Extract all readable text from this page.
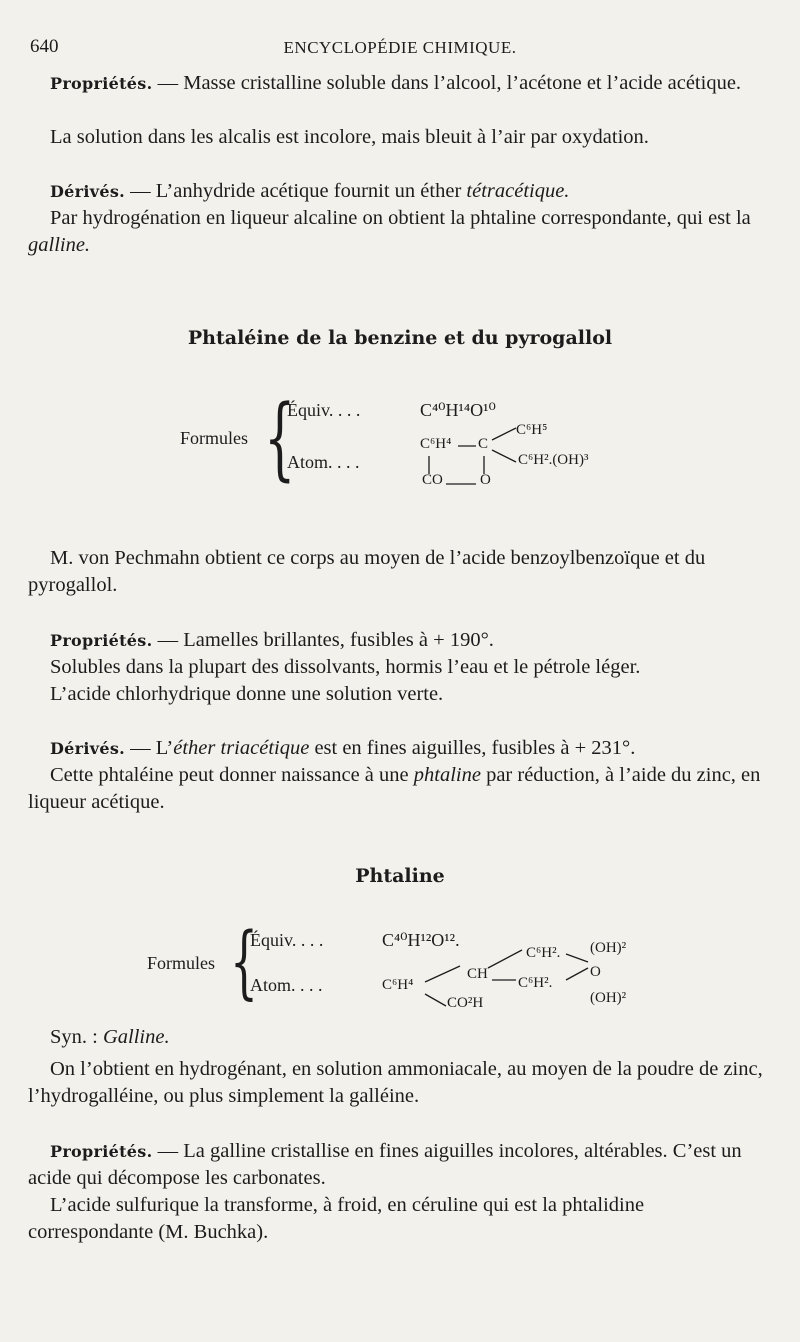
640	ENCYCLOPÉDIE CHIMIQUE.

Propriétés. — Masse cristalline soluble dans l’alcool, l’acétone et l’acide acétique.

La solution dans les alcalis est incolore, mais bleuit à l’air par oxydation.

Dérivés. — L’anhydride acétique fournit un éther tétracétique.

Par hydrogénation en liqueur alcaline on obtient la phtaline correspondante, qui est la galline.

Phtaléine de la benzine et du pyrogallol
Formules {
Équiv. . . .	C⁴⁰H¹⁴O¹⁰
Atom. . . .
C⁶H⁴ C
C⁶H⁵
C⁶H².(OH)³
CO O

M. von Pechmahn obtient ce corps au moyen de l’acide benzoylbenzoïque et du pyrogallol.

Propriétés. — Lamelles brillantes, fusibles à + 190°.

Solubles dans la plupart des dissolvants, hormis l’eau et le pétrole léger.

L’acide chlorhydrique donne une solution verte.

Dérivés. — L’éther triacétique est en fines aiguilles, fusibles à + 231°.

Cette phtaléine peut donner naissance à une phtaline par réduction, à l’aide du zinc, en liqueur acétique.

Phtaline
Formules {
Équiv. . . .	C⁴⁰H¹²O¹².
Atom. . . .	C⁶H⁴
CH
CO²H
C⁶H².
C⁶H².
(OH)²
O
(OH)²

Syn. : Galline.

On l’obtient en hydrogénant, en solution ammoniacale, au moyen de la poudre de zinc, l’hydrogalléine, ou plus simplement la galléine.

Propriétés. — La galline cristallise en fines aiguilles incolores, altérables. C’est un acide qui décompose les carbonates.

L’acide sulfurique la transforme, à froid, en céruline qui est la phtalidine correspondante (M. Buchka).
